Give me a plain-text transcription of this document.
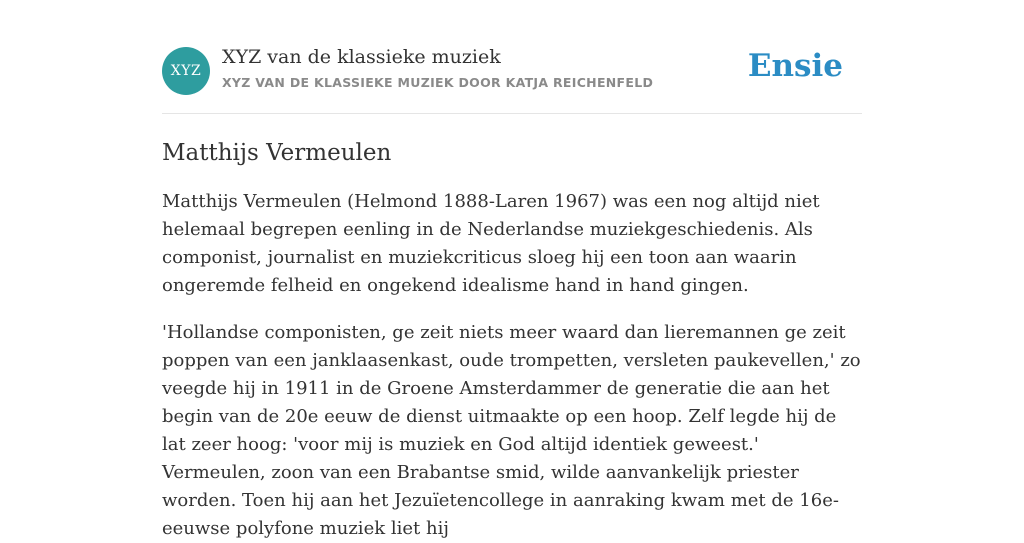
XYZ
XYZ van de klassieke muziek
XYZ VAN DE KLASSIEKE MUZIEK DOOR KATJA REICHENFELD	Ensie
Matthijs Vermeulen

Matthijs Vermeulen (Helmond 1888-Laren 1967) was een nog altijd niet helemaal begrepen eenling in de Nederlandse muziekgeschiedenis. Als componist, journalist en muziekcriticus sloeg hij een toon aan waarin ongeremde felheid en ongekend idealisme hand in hand gingen.

'Hollandse componisten, ge zeit niets meer waard dan lieremannen ge zeit poppen van een janklaasenkast, oude trompetten, versleten paukevellen,' zo veegde hij in 1911 in de Groene Amsterdammer de generatie die aan het begin van de 20e eeuw de dienst uitmaakte op een hoop. Zelf legde hij de lat zeer hoog: 'voor mij is muziek en God altijd identiek geweest.' Vermeulen, zoon van een Brabantse smid, wilde aanvankelijk priester worden. Toen hij aan het Jezuïetencollege in aanraking kwam met de 16e-eeuwse polyfone muziek liet hij
